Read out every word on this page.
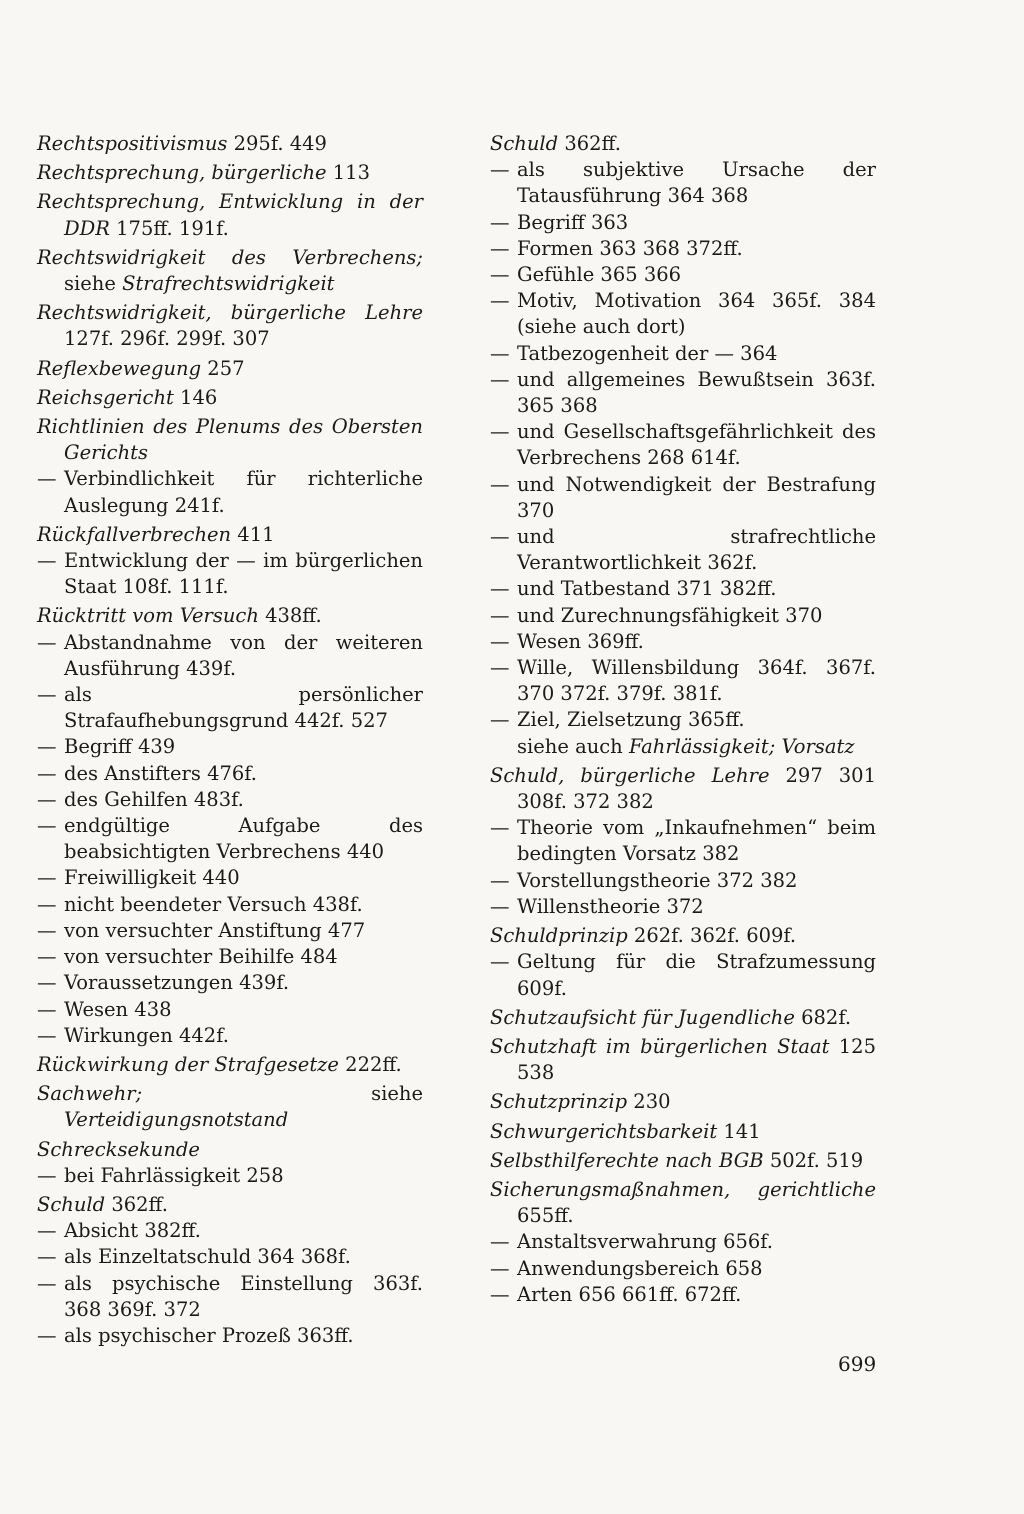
Rechtspositivismus 295f. 449
Rechtsprechung, bürgerliche 113
Rechtsprechung, Entwicklung in der DDR 175ff. 191f.
Rechtswidrigkeit des Verbrechens; siehe Strafrechtswidrigkeit
Rechtswidrigkeit, bürgerliche Lehre 127f. 296f. 299f. 307
Reflexbewegung 257
Reichsgericht 146
Richtlinien des Plenums des Obersten Gerichts
— Verbindlichkeit für richterliche Auslegung 241f.
Rückfallverbrechen 411
— Entwicklung der — im bürgerlichen Staat 108f. 111f.
Rücktritt vom Versuch 438ff.
— Abstandnahme von der weiteren Ausführung 439f.
— als persönlicher Strafaufhebungsgrund 442f. 527
— Begriff 439
— des Anstifters 476f.
— des Gehilfen 483f.
— endgültige Aufgabe des beabsichtigten Verbrechens 440
— Freiwilligkeit 440
— nicht beendeter Versuch 438f.
— von versuchter Anstiftung 477
— von versuchter Beihilfe 484
— Voraussetzungen 439f.
— Wesen 438
— Wirkungen 442f.
Rückwirkung der Strafgesetze 222ff.
Sachwehr; siehe Verteidigungsnotstand
Schrecksekunde
— bei Fahrlässigkeit 258
Schuld 362ff.
— Absicht 382ff.
— als Einzeltatschuld 364 368f.
— als psychische Einstellung 363f. 368 369f. 372
— als psychischer Prozeß 363ff.
Schuld 362ff.
— als subjektive Ursache der Tatausführung 364 368
— Begriff 363
— Formen 363 368 372ff.
— Gefühle 365 366
— Motiv, Motivation 364 365f. 384 (siehe auch dort)
— Tatbezogenheit der — 364
— und allgemeines Bewußtsein 363f. 365 368
— und Gesellschaftsgefährlichkeit des Verbrechens 268 614f.
— und Notwendigkeit der Bestrafung 370
— und strafrechtliche Verantwortlichkeit 362f.
— und Tatbestand 371 382ff.
— und Zurechnungsfähigkeit 370
— Wesen 369ff.
— Wille, Willensbildung 364f. 367f. 370 372f. 379f. 381f.
— Ziel, Zielsetzung 365ff.
siehe auch Fahrlässigkeit; Vorsatz
Schuld, bürgerliche Lehre 297 301 308f. 372 382
— Theorie vom „Inkaufnehmen“ beim bedingten Vorsatz 382
— Vorstellungstheorie 372 382
— Willenstheorie 372
Schuldprinzip 262f. 362f. 609f.
— Geltung für die Strafzumessung 609f.
Schutzaufsicht für Jugendliche 682f.
Schutzhaft im bürgerlichen Staat 125 538
Schutzprinzip 230
Schwurgerichtsbarkeit 141
Selbsthilferechte nach BGB 502f. 519
Sicherungsmaßnahmen, gerichtliche 655ff.
— Anstaltsverwahrung 656f.
— Anwendungsbereich 658
— Arten 656 661ff. 672ff.
699
